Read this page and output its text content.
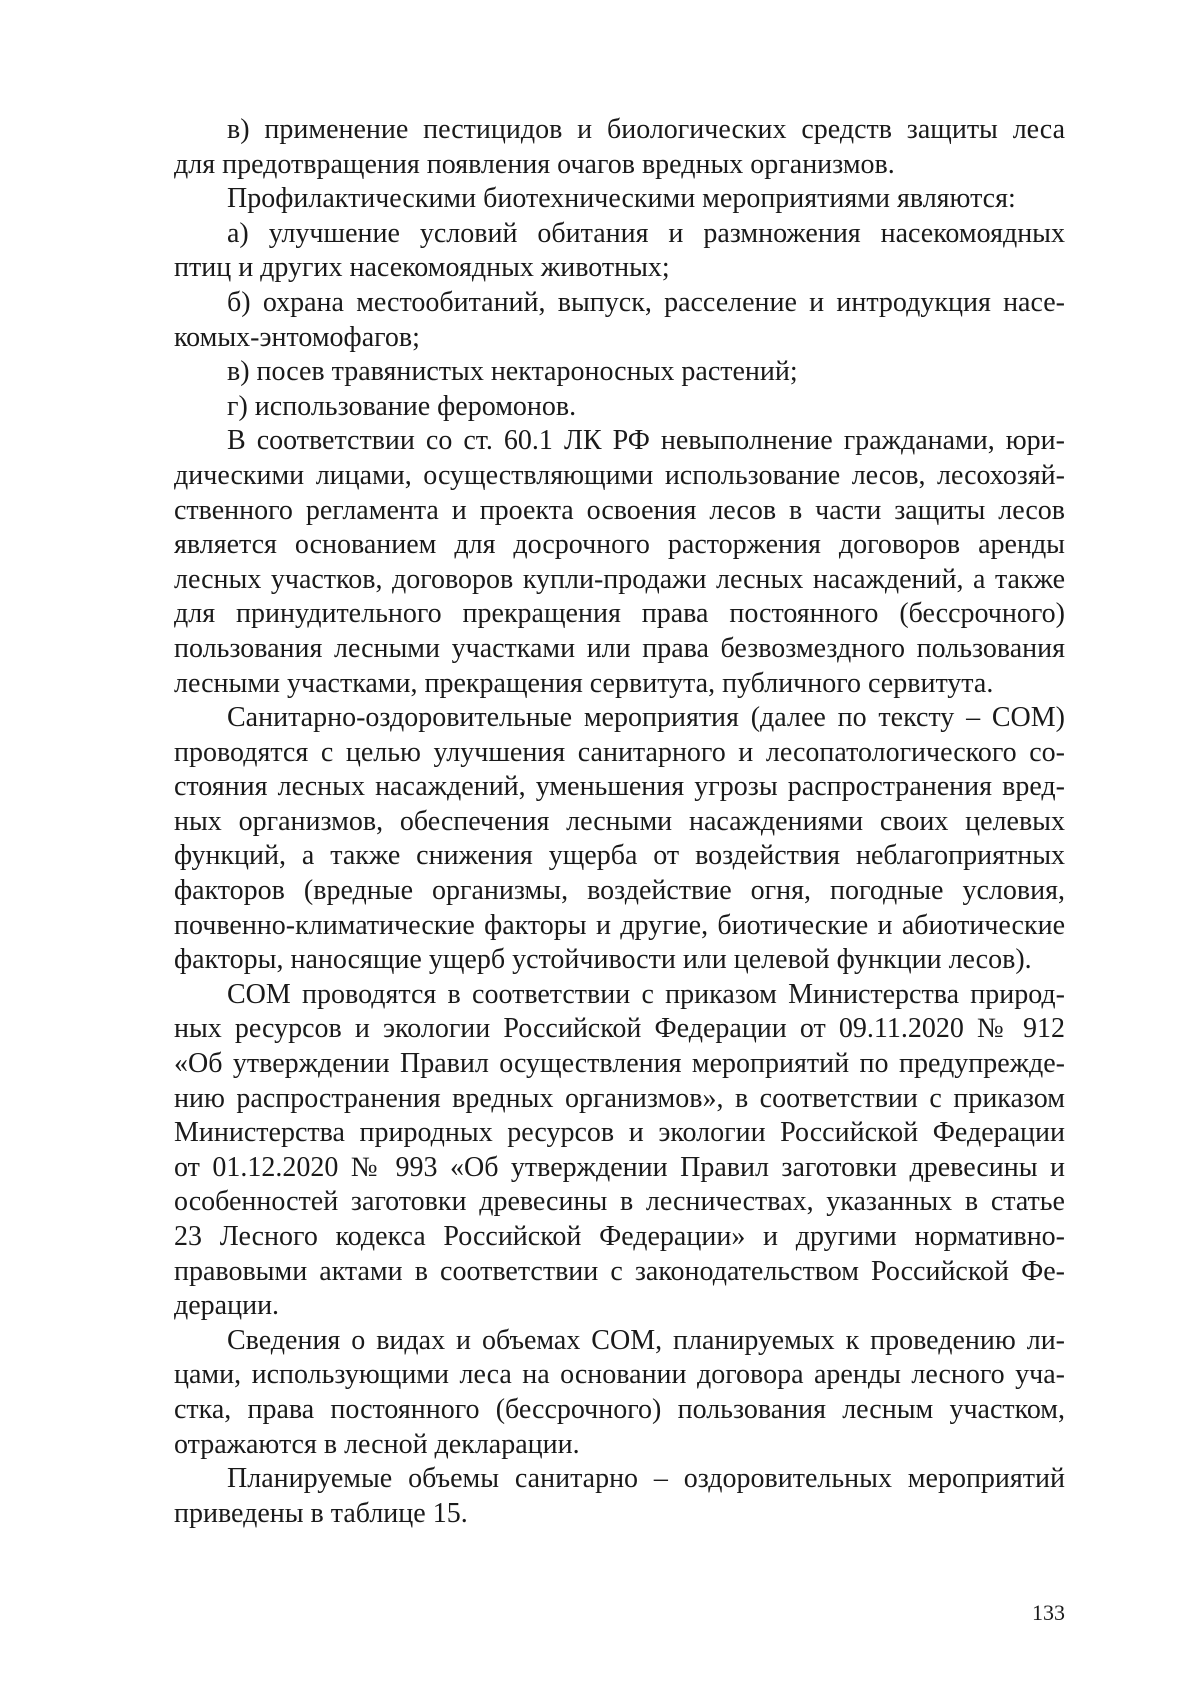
в) применение пестицидов и биологических средств защиты леса
для предотвращения появления очагов вредных организмов.
Профилактическими биотехническими мероприятиями являются:
а) улучшение условий обитания и размножения насекомоядных
птиц и других насекомоядных животных;
б) охрана местообитаний, выпуск, расселение и интродукция насе-
комых-энтомофагов;
в) посев травянистых нектароносных растений;
г) использование феромонов.
В соответствии со ст. 60.1 ЛК РФ невыполнение гражданами, юри-
дическими лицами, осуществляющими использование лесов, лесохозяй-
ственного регламента и проекта освоения лесов в части защиты лесов
является основанием для досрочного расторжения договоров аренды
лесных участков, договоров купли-продажи лесных насаждений, а также
для принудительного прекращения права постоянного (бессрочного)
пользования лесными участками или права безвозмездного пользования
лесными участками, прекращения сервитута, публичного сервитута.
Санитарно-оздоровительные мероприятия (далее по тексту – СОМ)
проводятся с целью улучшения санитарного и лесопатологического со-
стояния лесных насаждений, уменьшения угрозы распространения вред-
ных организмов, обеспечения лесными насаждениями своих целевых
функций, а также снижения ущерба от воздействия неблагоприятных
факторов (вредные организмы, воздействие огня, погодные условия,
почвенно-климатические факторы и другие, биотические и абиотические
факторы, наносящие ущерб устойчивости или целевой функции лесов).
СОМ проводятся в соответствии с приказом Министерства природ-
ных ресурсов и экологии Российской Федерации от 09.11.2020 № 912
«Об утверждении Правил осуществления мероприятий по предупрежде-
нию распространения вредных организмов», в соответствии с приказом
Министерства природных ресурсов и экологии Российской Федерации
от 01.12.2020 № 993 «Об утверждении Правил заготовки древесины и
особенностей заготовки древесины в лесничествах, указанных в статье
23 Лесного кодекса Российской Федерации» и другими нормативно-
правовыми актами в соответствии с законодательством Российской Фе-
дерации.
Сведения о видах и объемах СОМ, планируемых к проведению ли-
цами, использующими леса на основании договора аренды лесного уча-
стка, права постоянного (бессрочного) пользования лесным участком,
отражаются в лесной декларации.
Планируемые объемы санитарно – оздоровительных мероприятий
приведены в таблице 15.
133
